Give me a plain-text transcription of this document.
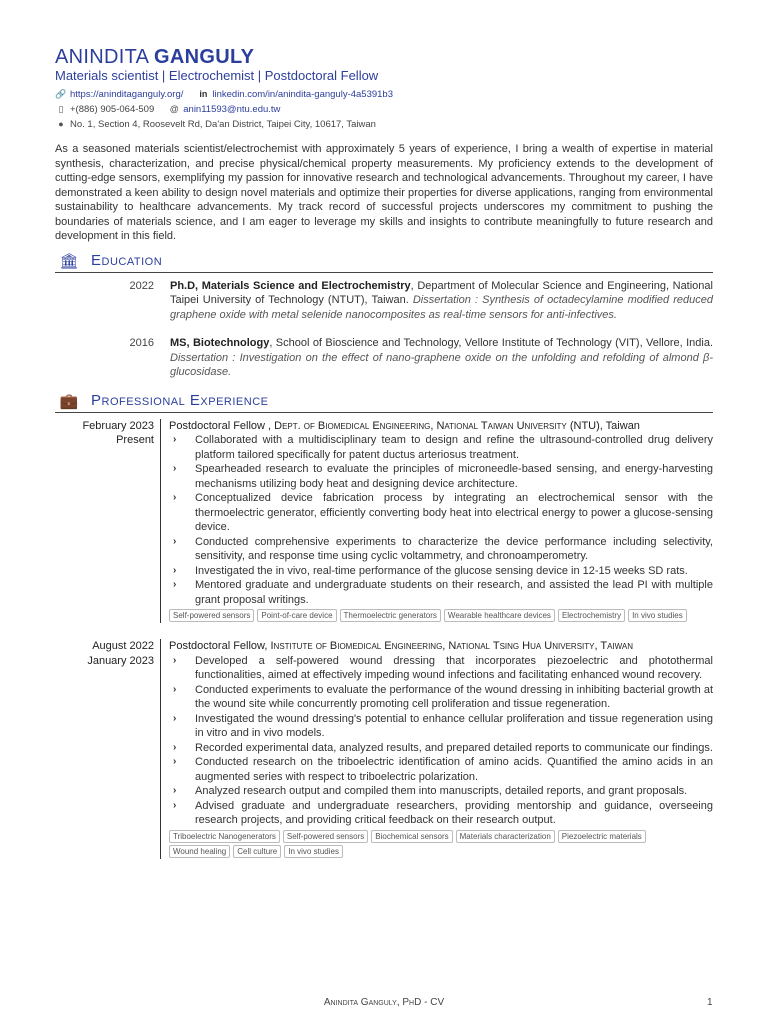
ANINDITA GANGULY
Materials scientist | Electrochemist | Postdoctoral Fellow
🔗 https://aninditaganguly.org/ in linkedin.com/in/anindita-ganguly-4a5391b3
▯ +(886) 905-064-509 @ anin11593@ntu.edu.tw
● No. 1, Section 4, Roosevelt Rd, Da'an District, Taipei City, 10617, Taiwan
As a seasoned materials scientist/electrochemist with approximately 5 years of experience, I bring a wealth of expertise in material synthesis, characterization, and precise physical/chemical property measurements. My proficiency extends to the development of cutting-edge sensors, exemplifying my passion for innovative research and technological advancements. Throughout my career, I have demonstrated a keen ability to design novel materials and optimize their properties for diverse applications, ranging from environmental sustainability to healthcare advancements. My track record of successful projects underscores my commitment to pushing the boundaries of materials science, and I am eager to leverage my skills and insights to contribute meaningfully to future research and development in this field.
🏛 Education
2022	Ph.D, Materials Science and Electrochemistry, Department of Molecular Science and Engineering, National Taipei University of Technology (NTUT), Taiwan. Dissertation : Synthesis of octadecylamine modified reduced graphene oxide with metal selenide nanocomposites as real-time sensors for anti-infectives.
2016	MS, Biotechnology, School of Bioscience and Technology, Vellore Institute of Technology (VIT), Vellore, India. Dissertation : Investigation on the effect of nano-graphene oxide on the unfolding and refolding of almond β-glucosidase.
💼 Professional Experience
February 2023
Present
Postdoctoral Fellow , Dept. of Biomedical Engineering, National Taiwan University (NTU), Taiwan
›	Collaborated with a multidisciplinary team to design and refine the ultrasound-controlled drug delivery platform tailored specifically for patent ductus arteriosus treatment.
›	Spearheaded research to evaluate the principles of microneedle-based sensing, and energy-harvesting mechanisms utilizing body heat and designing device architecture.
›	Conceptualized device fabrication process by integrating an electrochemical sensor with the thermoelectric generator, efficiently converting body heat into electrical energy to power a glucose-sensing device.
›	Conducted comprehensive experiments to characterize the device performance including selectivity, sensitivity, and response time using cyclic voltammetry, and chronoamperometry.
›	Investigated the in vivo, real-time performance of the glucose sensing device in 12-15 weeks SD rats.
›	Mentored graduate and undergraduate students on their research, and assisted the lead PI with multiple grant proposal writings.
Self-powered sensors	Point-of-care device	Thermoelectric generators	Wearable healthcare devices	Electrochemistry	In vivo studies
August 2022
January 2023
Postdoctoral Fellow, Institute of Biomedical Engineering, National Tsing Hua University, Taiwan
›	Developed a self-powered wound dressing that incorporates piezoelectric and photothermal functionalities, aimed at effectively impeding wound infections and facilitating enhanced wound recovery.
›	Conducted experiments to evaluate the performance of the wound dressing in inhibiting bacterial growth at the wound site while concurrently promoting cell proliferation and tissue regeneration.
›	Investigated the wound dressing's potential to enhance cellular proliferation and tissue regeneration using in vitro and in vivo models.
›	Recorded experimental data, analyzed results, and prepared detailed reports to communicate our findings.
›	Conducted research on the triboelectric identification of amino acids. Quantified the amino acids in an augmented series with respect to triboelectric polarization.
›	Analyzed research output and compiled them into manuscripts, detailed reports, and grant proposals.
›	Advised graduate and undergraduate researchers, providing mentorship and guidance, overseeing research projects, and providing critical feedback on their research output.
Triboelectric Nanogenerators	Self-powered sensors	Biochemical sensors	Materials characterization	Piezoelectric materials
Wound healing	Cell culture	In vivo studies
Anindita Ganguly, PhD - CV	1
